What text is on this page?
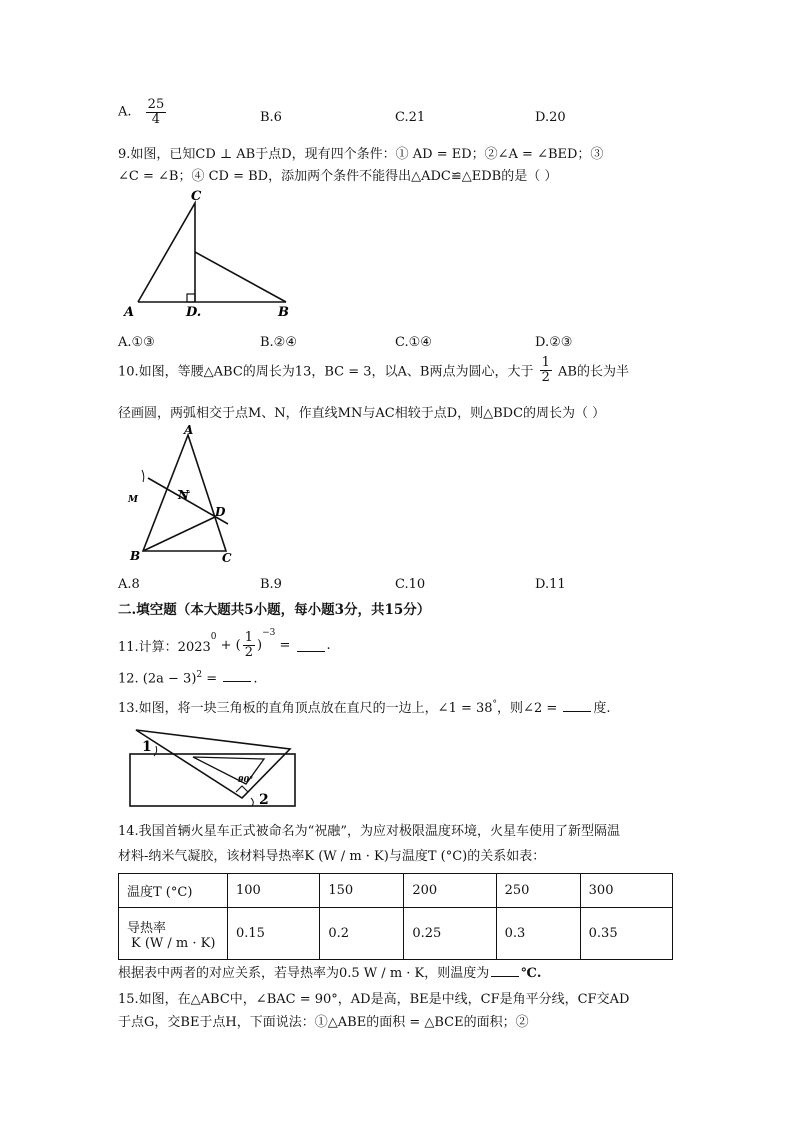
A. $\frac{25}{4}$	B.6	C.21	D.20
9.如图，已知CD ⊥ AB于点D，现有四个条件：① AD = ED；②∠A = ∠BED；③
∠C = ∠B；④ CD = BD，添加两个条件不能得出△ADC≌△EDB的是（ ）
C
A	D.	B
A.①③	B.②④	C.①④	D.②③
10.如图，等腰△ABC的周长为13，BC = 3，以A、B两点为圆心，大于 $\frac{1}{2}$ AB的长为半
径画圆，两弧相交于点M、N，作直线MN与AC相较于点D，则△BDC的周长为（ ）
A
M	N
D
B	C
A.8	B.9	C.10	D.11
二.填空题（本大题共5小题，每小题3分，共15分）
11.计算：$2023^0$ + ( $\frac{1}{2} )^{-3}$ = .
12. $(2a - 3)^2$ = .
13.如图，将一块三角板的直角顶点放在直尺的一边上，∠1 = 38°，则∠2 = 度.
1
2
90°
14.我国首辆火星车正式被命名为“祝融”，为应对极限温度环境，火星车使用了新型隔温
材料-纳米气凝胶，该材料导热率K (W / m · K)与温度T (°C)的关系如表：
温度T (°C)	100	150	200	250	300

导热率
K (W / m · K)	0.15	0.2	0.25	0.3	0.35
根据表中两者的对应关系，若导热率为0.5 W / m · K，则温度为 ℃.
15.如图，在△ABC中，∠BAC = 90°，AD是高，BE是中线，CF是角平分线，CF交AD
于点G，交BE于点H，下面说法：①△ABE的面积 = △BCE的面积；②
